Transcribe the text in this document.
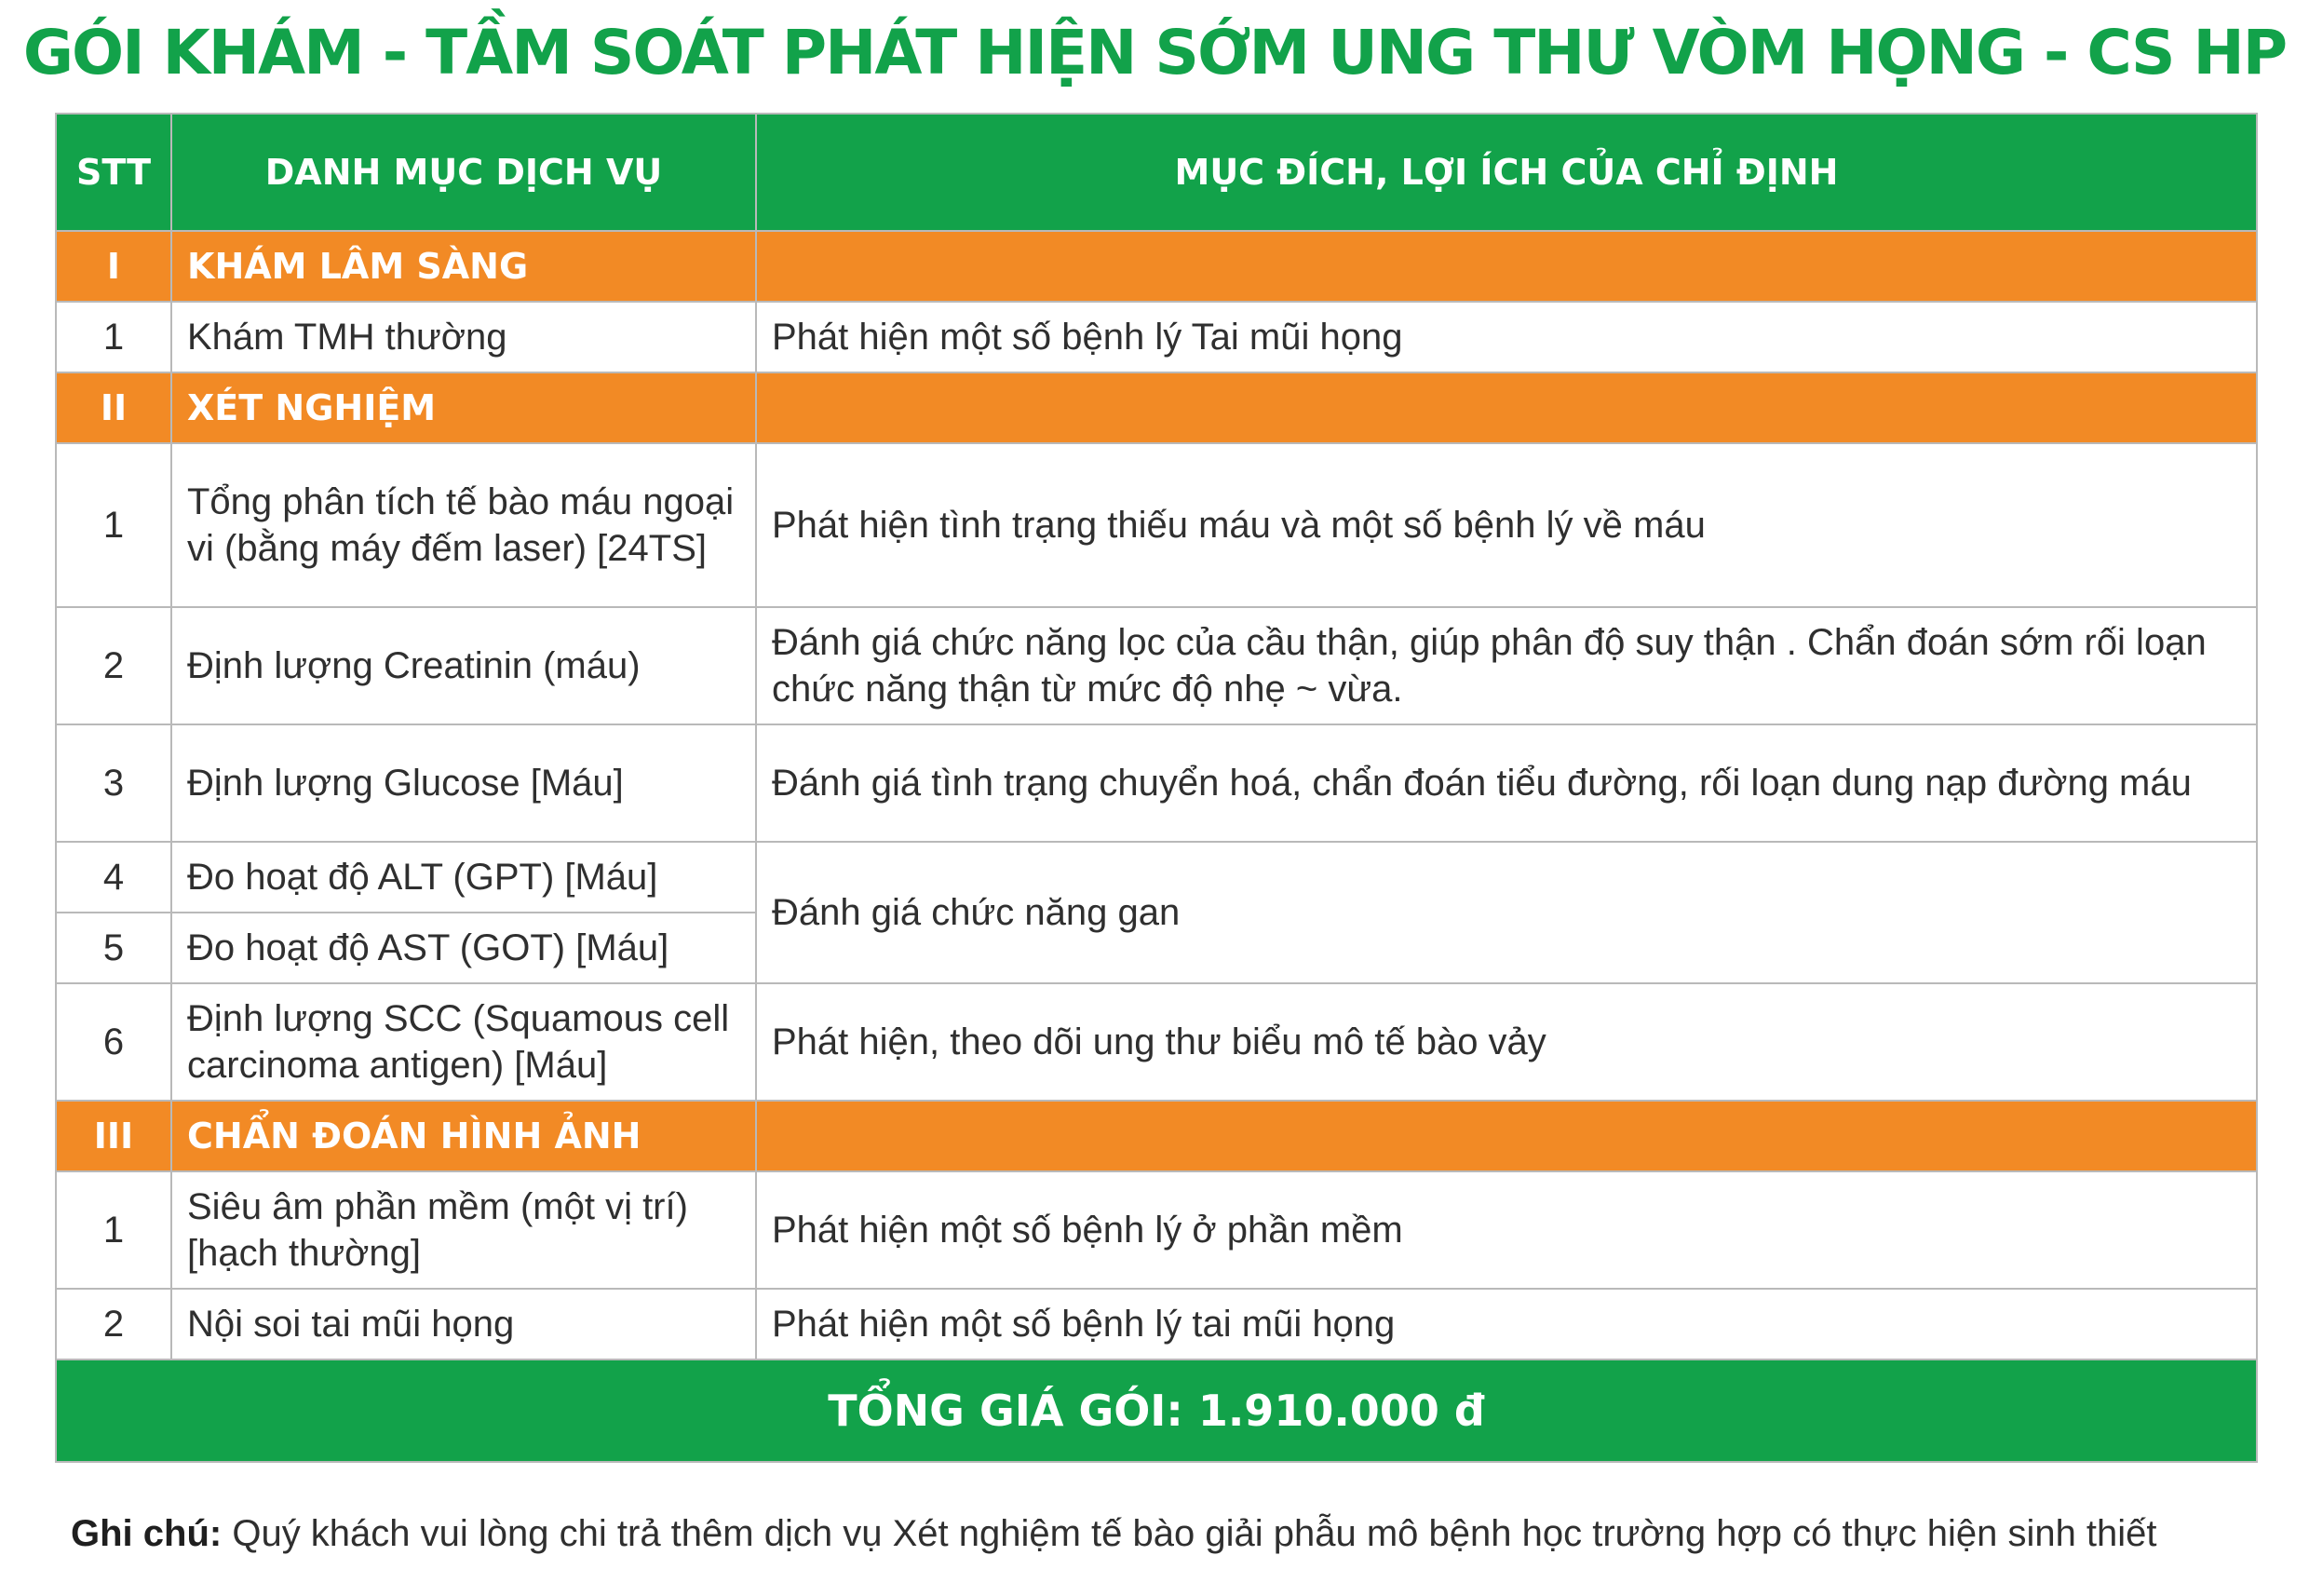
GÓI KHÁM - TẦM SOÁT PHÁT HIỆN SỚM UNG THƯ VÒM HỌNG - CS HP
STT	DANH MỤC DỊCH VỤ	MỤC ĐÍCH, LỢI ÍCH CỦA CHỈ ĐỊNH
I	KHÁM LÂM SÀNG	
1	Khám TMH thường	Phát hiện một số bệnh lý Tai mũi họng
II	XÉT NGHIỆM	
1	Tổng phân tích tế bào máu ngoại vi (bằng máy đếm laser) [24TS]	Phát hiện tình trạng thiếu máu và một số bệnh lý về máu
2	Định lượng Creatinin (máu)	Đánh giá chức năng lọc của cầu thận, giúp phân độ suy thận . Chẩn đoán sớm rối loạn chức năng thận từ mức độ nhẹ ~ vừa.
3	Định lượng Glucose [Máu]	Đánh giá tình trạng chuyển hoá, chẩn đoán tiểu đường, rối loạn dung nạp đường máu
4	Đo hoạt độ ALT (GPT) [Máu]	Đánh giá chức năng gan
5	Đo hoạt độ AST (GOT) [Máu]	
6	Định lượng SCC (Squamous cell carcinoma antigen) [Máu]	Phát hiện, theo dõi ung thư biểu mô tế bào vảy
III	CHẨN ĐOÁN HÌNH ẢNH	
1	Siêu âm phần mềm (một vị trí) [hạch thường]	Phát hiện một số bệnh lý ở phần mềm
2	Nội soi tai mũi họng	Phát hiện một số bệnh lý tai mũi họng
TỔNG GIÁ GÓI: 1.910.000 đ		
Ghi chú: Quý khách vui lòng chi trả thêm dịch vụ Xét nghiệm tế bào giải phẫu mô bệnh học trường hợp có thực hiện sinh thiết
